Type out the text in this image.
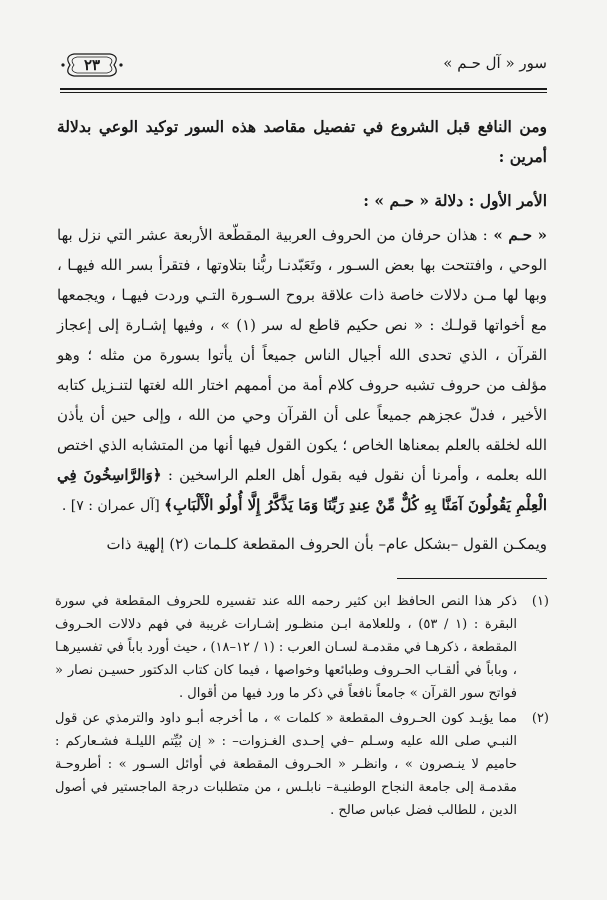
سور « آل حـم »
٢٣

ومن النافع قبل الشروع في تفصيل مقاصد هذه السور توكيد الوعي بدلالة أمرين :

الأمر الأول : دلالة « حـم » :

« حـم » : هذان حرفان من الحروف العربية المقطّعة الأربعة عشر التي نزل بها الوحي ، وافتتحت بها بعض السـور ، وتَعَبّدنـا ربُّنا بتلاوتها ، فتقرأ بسر الله فيهـا ، وبها لها مـن دلالات خاصة ذات علاقة بروح السـورة التـي وردت فيهـا ، ويجمعها مع أخواتها قولـك : « نص حكيم قاطع له سر (١) » ، وفيها إشـارة إلى إعجاز القرآن ، الذي تحدى الله أجيال الناس جميعاً أن يأتوا بسورة من مثله ؛ وهو مؤلف من حروف تشبه حروف كلام أمة من أممهم اختار الله لغتها لتنـزيل كتابه الأخير ، فدلّ عجزهم جميعاً على أن القرآن وحي من الله ، وإلى حين أن يأذن الله لخلقه بالعلم بمعناها الخاص ؛ يكون القول فيها أنها من المتشابه الذي اختص الله بعلمه ، وأمرنا أن نقول فيه بقول أهل العلم الراسخين : ﴿وَالرَّاسِخُونَ فِي الْعِلْمِ يَقُولُونَ آمَنَّا بِهِ كُلٌّ مِّنْ عِندِ رَبِّنَا وَمَا يَذَّكَّرُ إِلَّا أُولُو الْأَلْبَابِ﴾ [آل عمران : ٧] .

ويمكـن القول –بشكل عام– بأن الحروف المقطعة كلـمات (٢) إلهية ذات

(١)
ذكر هذا النص الحافظ ابن كثير رحمه الله عند تفسيره للحروف المقطعة في سورة البقرة : (١ / ٥٣) ، وللعلامة ابـن منظـور إشـارات غريبة في فهم دلالات الحـروف المقطعة ، ذكرهـا في مقدمـة لسـان العرب : (١ / ١٢–١٨) ، حيث أورد باباً في تفسيرهـا ، وباباً في ألقـاب الحـروف وطبائعها وخواصها ، فيما كان كتاب الدكتور حسيـن نصار « فواتح سور القرآن » جامعاً نافعاً في ذكر ما ورد فيها من أقوال .

(٢)
مما يؤيـد كون الحـروف المقطعة « كلمات » ، ما أخرجه أبـو داود والترمذي عن قول النبـي صلى الله عليه وسـلم –في إحـدى الغـزوات– : « إن بُيِّتم الليلـة فشـعاركم : حاميم لا ينـصرون » ، وانظـر « الحـروف المقطعة في أوائل السـور » : أطروحـة مقدمـة إلى جامعة النجاح الوطنيـة– نابلـس ، من متطلبات درجة الماجستير في أصول الدين ، للطالب فضل عباس صالح .
